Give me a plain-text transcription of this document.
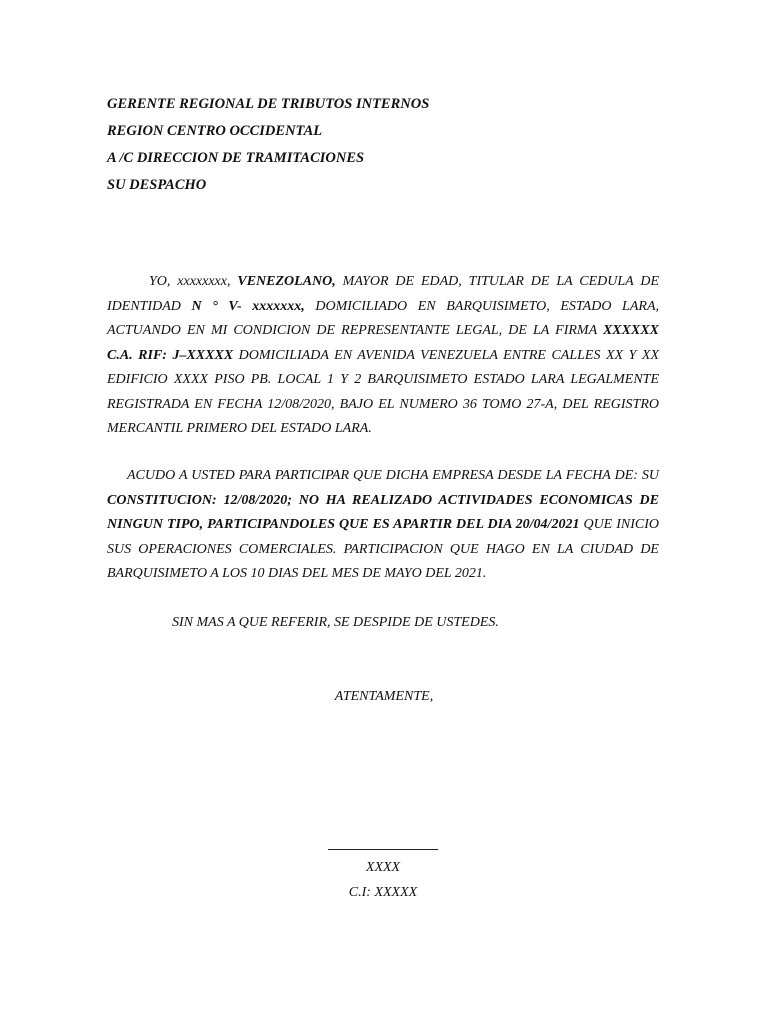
GERENTE REGIONAL DE TRIBUTOS INTERNOS
REGION CENTRO OCCIDENTAL
A /C DIRECCION DE TRAMITACIONES
SU DESPACHO
YO, xxxxxxxx, VENEZOLANO, MAYOR DE EDAD, TITULAR DE LA CEDULA DE IDENTIDAD N ° V- xxxxxxx, DOMICILIADO EN BARQUISIMETO, ESTADO LARA, ACTUANDO EN MI CONDICION DE REPRESENTANTE LEGAL, DE LA FIRMA XXXXXX C.A. RIF: J–XXXXX DOMICILIADA EN AVENIDA VENEZUELA ENTRE CALLES XX Y XX EDIFICIO XXXX PISO PB. LOCAL 1 Y 2 BARQUISIMETO ESTADO LARA LEGALMENTE REGISTRADA EN FECHA 12/08/2020, BAJO EL NUMERO 36 TOMO 27-A, DEL REGISTRO MERCANTIL PRIMERO DEL ESTADO LARA.
ACUDO A USTED PARA PARTICIPAR QUE DICHA EMPRESA DESDE LA FECHA DE: SU CONSTITUCION: 12/08/2020; NO HA REALIZADO ACTIVIDADES ECONOMICAS DE NINGUN TIPO, PARTICIPANDOLES QUE ES APARTIR DEL DIA 20/04/2021 QUE INICIO SUS OPERACIONES COMERCIALES. PARTICIPACION QUE HAGO EN LA CIUDAD DE BARQUISIMETO A LOS 10 DIAS DEL MES DE MAYO DEL 2021.
SIN MAS A QUE REFERIR, SE DESPIDE DE USTEDES.
ATENTAMENTE,
XXXX
C.I: XXXXX
